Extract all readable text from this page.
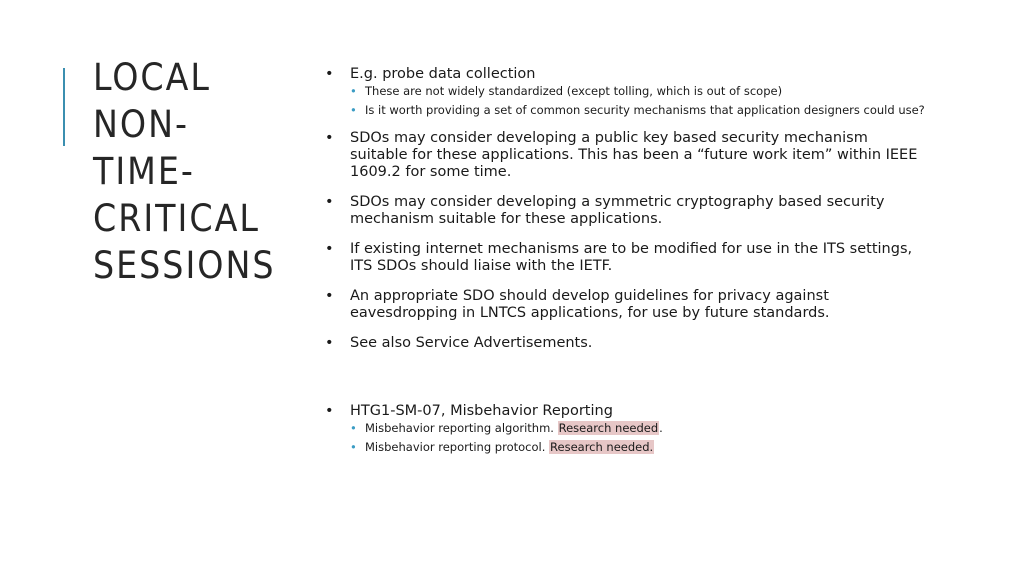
LOCAL
NON-
TIME-
CRITICAL
SESSIONS
• E.g. probe data collection
• These are not widely standardized (except tolling, which is out of scope)
• Is it worth providing a set of common security mechanisms that application designers could use?
• SDOs may consider developing a public key based security mechanism suitable for these applications. This has been a “future work item” within IEEE 1609.2 for some time.
• SDOs may consider developing a symmetric cryptography based security mechanism suitable for these applications.
• If existing internet mechanisms are to be modified for use in the ITS settings, ITS SDOs should liaise with the IETF.
• An appropriate SDO should develop guidelines for privacy against eavesdropping in LNTCS applications, for use by future standards.
• See also Service Advertisements.
• HTG1-SM-07, Misbehavior Reporting
• Misbehavior reporting algorithm. Research needed.
• Misbehavior reporting protocol. Research needed.
